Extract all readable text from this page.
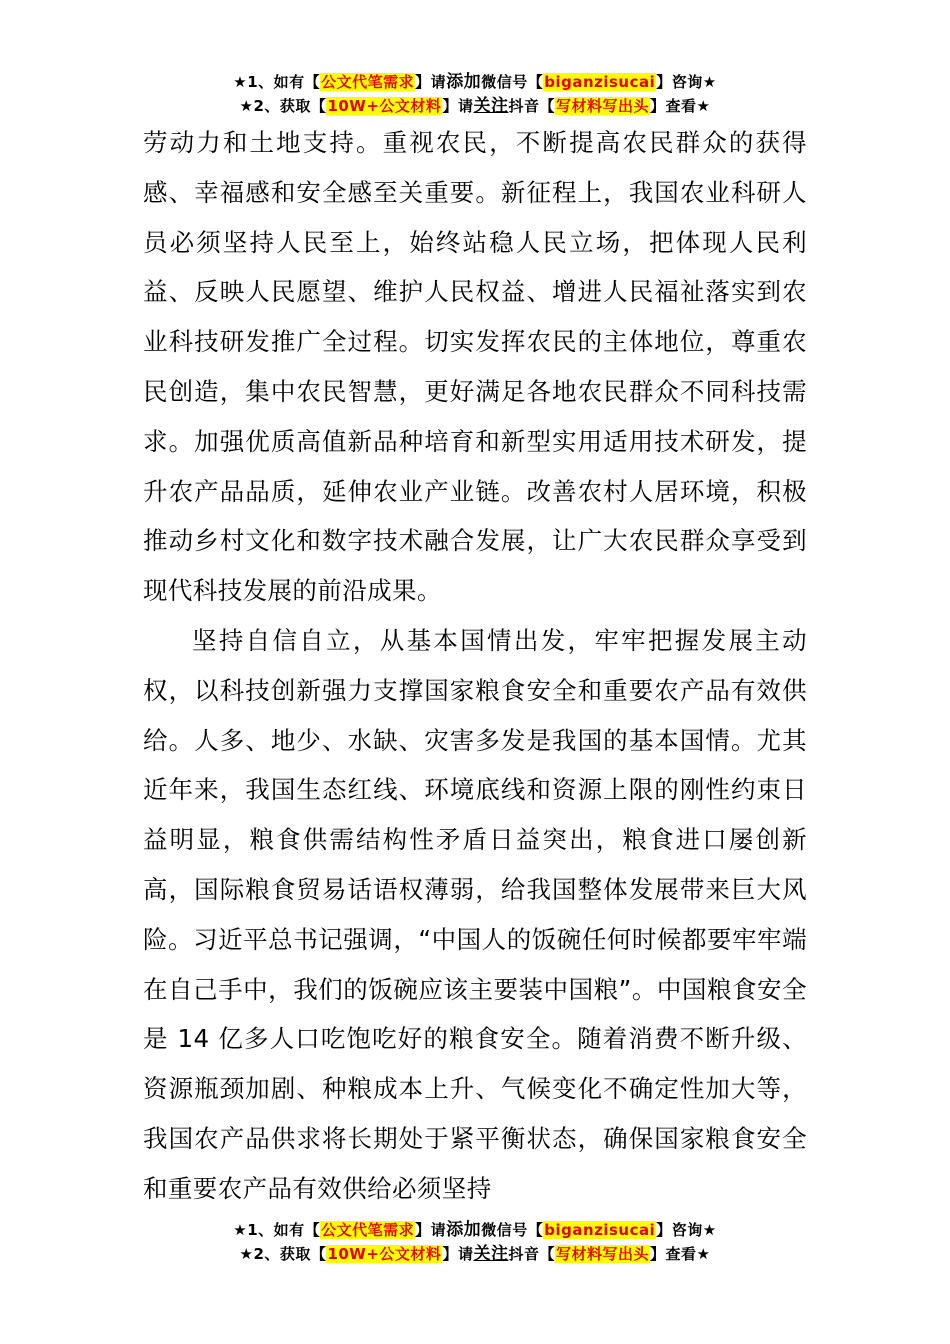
★1、如有【公文代笔需求】请添加微信号【biganzisucai】咨询★
★2、获取【10W+公文材料】请关注抖音【写材料写出头】查看★

劳动力和土地支持。重视农民，不断提高农民群众的获得感、幸福感和安全感至关重要。新征程上，我国农业科研人员必须坚持人民至上，始终站稳人民立场，把体现人民利益、反映人民愿望、维护人民权益、增进人民福祉落实到农业科技研发推广全过程。切实发挥农民的主体地位，尊重农民创造，集中农民智慧，更好满足各地农民群众不同科技需求。加强优质高值新品种培育和新型实用适用技术研发，提升农产品品质，延伸农业产业链。改善农村人居环境，积极推动乡村文化和数字技术融合发展，让广大农民群众享受到现代科技发展的前沿成果。

坚持自信自立，从基本国情出发，牢牢把握发展主动权，以科技创新强力支撑国家粮食安全和重要农产品有效供给。人多、地少、水缺、灾害多发是我国的基本国情。尤其近年来，我国生态红线、环境底线和资源上限的刚性约束日益明显，粮食供需结构性矛盾日益突出，粮食进口屡创新高，国际粮食贸易话语权薄弱，给我国整体发展带来巨大风险。习近平总书记强调，“中国人的饭碗任何时候都要牢牢端在自己手中，我们的饭碗应该主要装中国粮”。中国粮食安全是 14 亿多人口吃饱吃好的粮食安全。随着消费不断升级、资源瓶颈加剧、种粮成本上升、气候变化不确定性加大等，我国农产品供求将长期处于紧平衡状态，确保国家粮食安全和重要农产品有效供给必须坚持

★1、如有【公文代笔需求】请添加微信号【biganzisucai】咨询★
★2、获取【10W+公文材料】请关注抖音【写材料写出头】查看★
